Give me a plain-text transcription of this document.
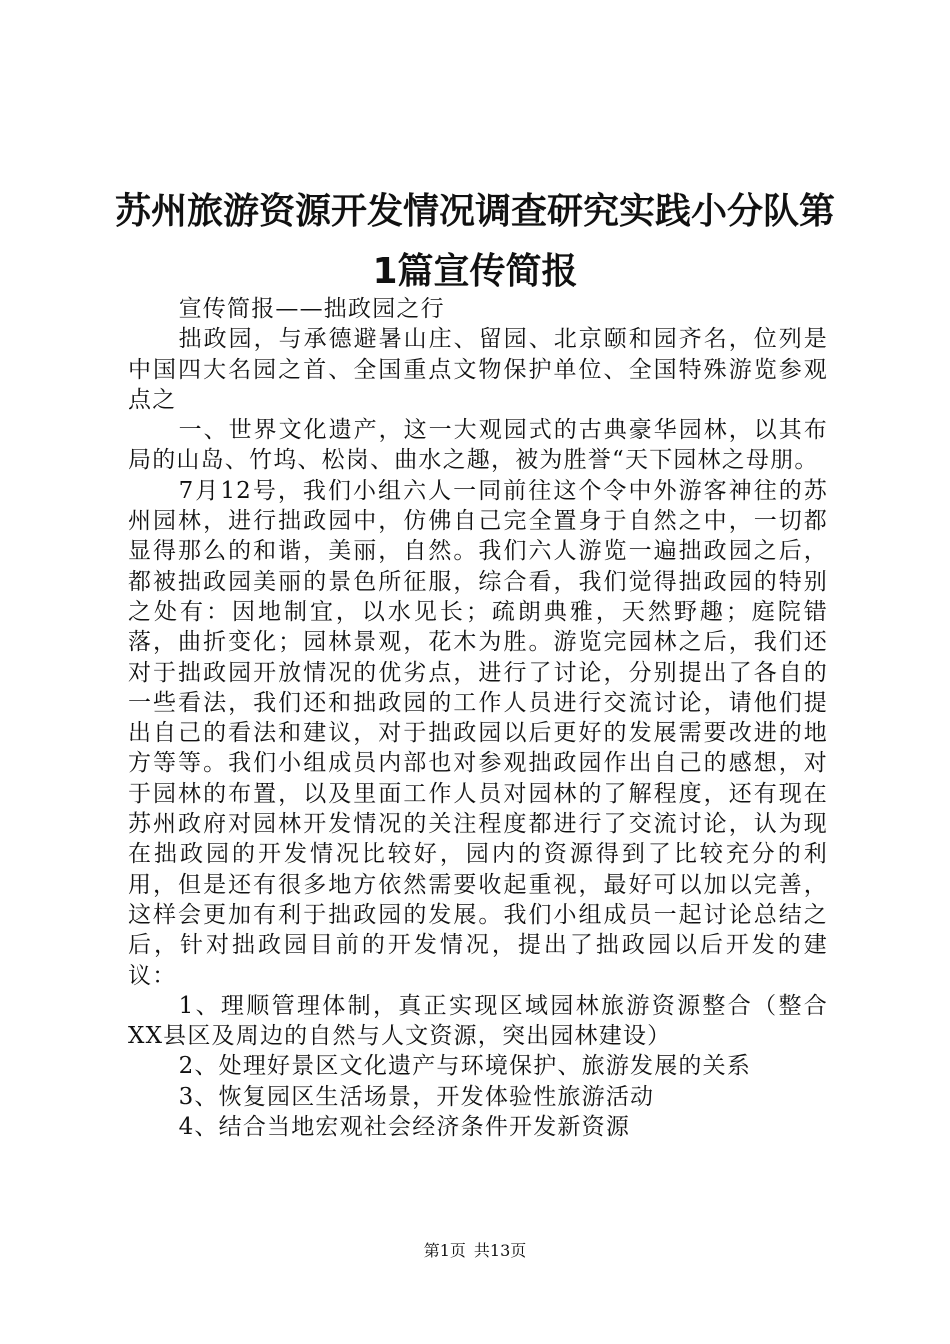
苏州旅游资源开发情况调查研究实践小分队第
1篇宣传简报

宣传简报——拙政园之行

拙政园，与承德避暑山庄、留园、北京颐和园齐名，位列是中国四大名园之首、全国重点文物保护单位、全国特殊游览参观点之

一、世界文化遗产，这一大观园式的古典豪华园林，以其布局的山岛、竹坞、松岗、曲水之趣，被为胜誉“天下园林之母朋。

7月12号，我们小组六人一同前往这个令中外游客神往的苏州园林，进行拙政园中，仿佛自己完全置身于自然之中，一切都显得那么的和谐，美丽，自然。我们六人游览一遍拙政园之后，都被拙政园美丽的景色所征服，综合看，我们觉得拙政园的特别之处有：因地制宜，以水见长；疏朗典雅，天然野趣；庭院错落，曲折变化；园林景观，花木为胜。游览完园林之后，我们还对于拙政园开放情况的优劣点，进行了讨论，分别提出了各自的一些看法，我们还和拙政园的工作人员进行交流讨论，请他们提出自己的看法和建议，对于拙政园以后更好的发展需要改进的地方等等。我们小组成员内部也对参观拙政园作出自己的感想，对于园林的布置，以及里面工作人员对园林的了解程度，还有现在苏州政府对园林开发情况的关注程度都进行了交流讨论，认为现在拙政园的开发情况比较好，园内的资源得到了比较充分的利用，但是还有很多地方依然需要收起重视，最好可以加以完善，这样会更加有利于拙政园的发展。我们小组成员一起讨论总结之后，针对拙政园目前的开发情况，提出了拙政园以后开发的建议：

1、理顺管理体制，真正实现区域园林旅游资源整合（整合XX县区及周边的自然与人文资源，突出园林建设）

2、处理好景区文化遗产与环境保护、旅游发展的关系

3、恢复园区生活场景，开发体验性旅游活动

4、结合当地宏观社会经济条件开发新资源

第1页 共13页
